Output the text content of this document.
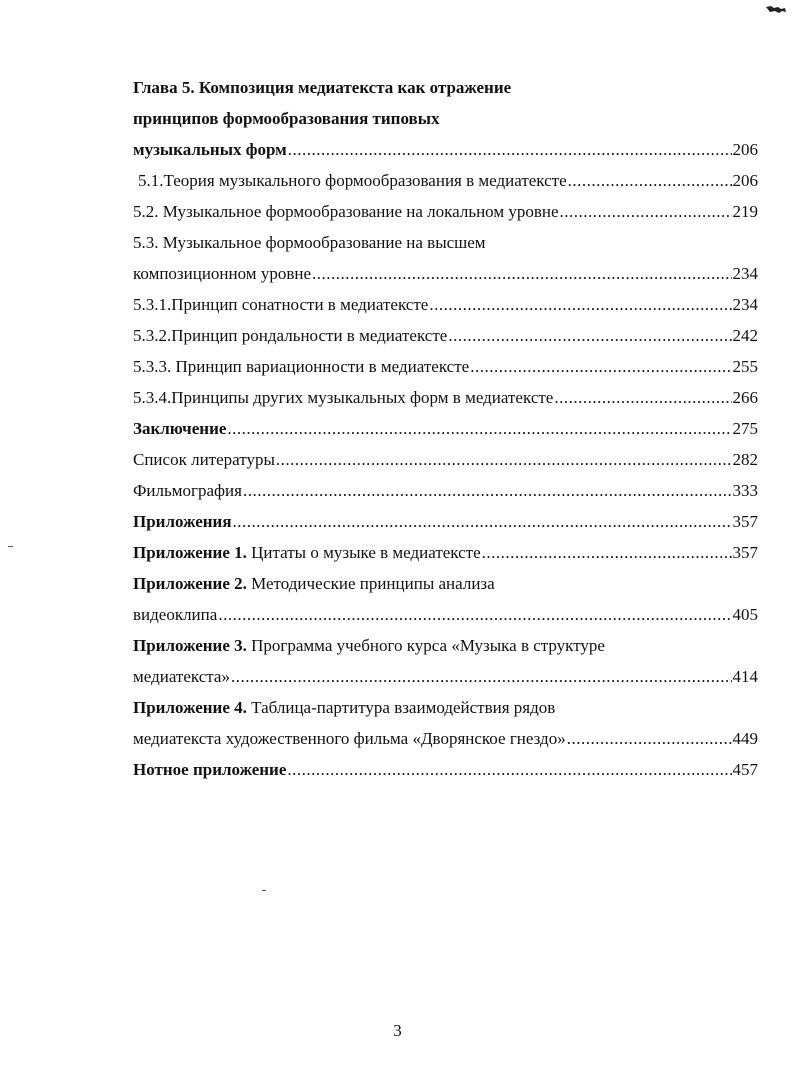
Глава 5. Композиция медиатекста как отражение
принципов формообразования типовых
музыкальных форм .....	206
5.1.Теория музыкального формообразования в медиатексте .....	206
5.2. Музыкальное формообразование на локальном уровне .....	219
5.3. Музыкальное формообразование на высшем
композиционном уровне .....	234
5.3.1.Принцип сонатности в медиатексте .....	234
5.3.2.Принцип рондальности в медиатексте .....	242
5.3.3. Принцип вариационности в медиатексте .....	255
5.3.4.Принципы других музыкальных форм в медиатексте .....	266
Заключение .....	275
Список литературы .....	282
Фильмография .....	333
Приложения .....	357
Приложение 1. Цитаты о музыке в медиатексте .....	357
Приложение 2. Методические принципы анализа
видеоклипа .....	405
Приложение 3. Программа учебного курса «Музыка в структуре
медиатекста» .....	414
Приложение 4. Таблица-партитура взаимодействия рядов
медиатекста художественного фильма «Дворянское гнездо» .....	449
Нотное приложение .....	457
3
